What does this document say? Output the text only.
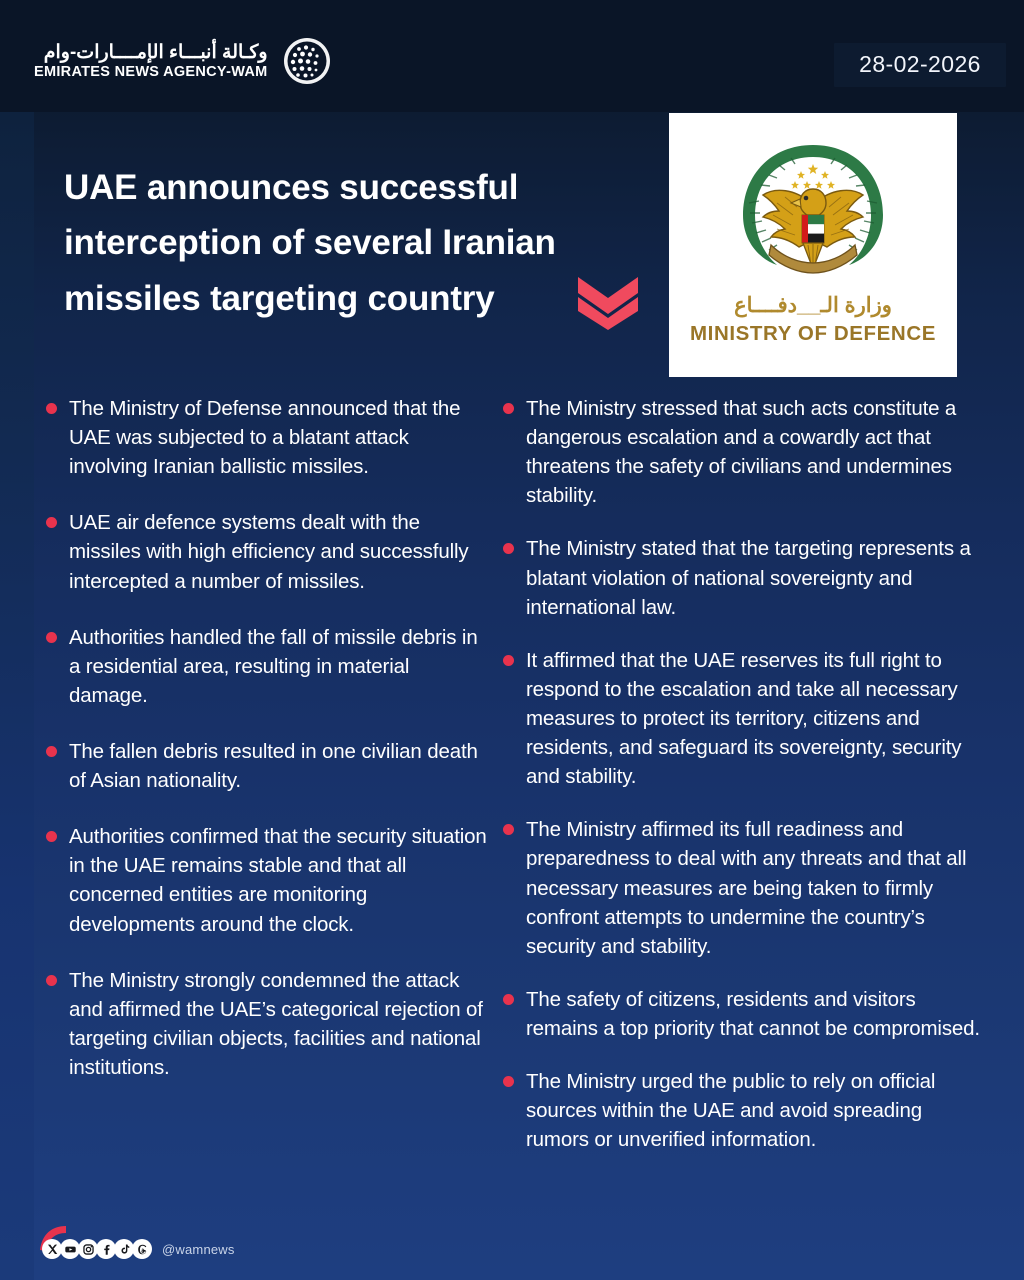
وكـالة أنبـــاء الإمــــارات-وام
EMIRATES NEWS AGENCY-WAM	28-02-2026
UAE announces successful interception of several Iranian missiles targeting country	وزارة الـ__دفــــاع
MINISTRY OF DEFENCE
The Ministry of Defense announced that the UAE was subjected to a blatant attack involving Iranian ballistic missiles.
UAE air defence systems dealt with the missiles with high efficiency and successfully intercepted a number of missiles.
Authorities handled the fall of missile debris in a residential area, resulting in material damage.
The fallen debris resulted in one civilian death of Asian nationality.
Authorities confirmed that the security situation in the UAE remains stable and that all concerned entities are monitoring developments around the clock.
The Ministry strongly condemned the attack and affirmed the UAE’s categorical rejection of targeting civilian objects, facilities and national institutions.
The Ministry stressed that such acts constitute a dangerous escalation and a cowardly act that threatens the safety of civilians and undermines stability.
The Ministry stated that the targeting represents a blatant violation of national sovereignty and international law.
It affirmed that the UAE reserves its full right to respond to the escalation and take all necessary measures to protect its territory, citizens and residents, and safeguard its sovereignty, security and stability.
The Ministry affirmed its full readiness and preparedness to deal with any threats and that all necessary measures are being taken to firmly confront attempts to undermine the country’s security and stability.
The safety of citizens, residents and visitors remains a top priority that cannot be compromised.
The Ministry urged the public to rely on official sources within the UAE and avoid spreading rumors or unverified information.
@wamnews
